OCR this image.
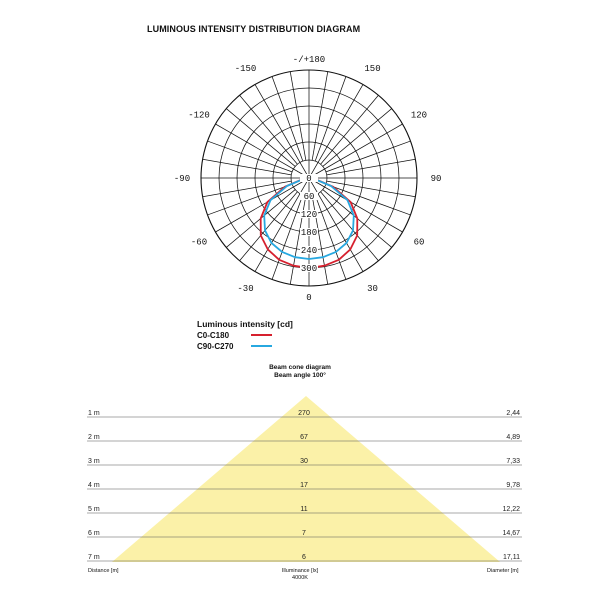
LUMINOUS INTENSITY DISTRIBUTION DIAGRAM
-/+180
150
120
90
60
30
0
-30
-60
-90
-120
-150
0
60
120
180
240
300
Luminous intensity [cd]
C0-C180
C90-C270
Beam cone diagram
Beam angle 100°
1 m	270	2,44
2 m	67	4,89
3 m	30	7,33
4 m	17	9,78
5 m	11	12,22
6 m	7	14,67
7 m	6	17,11
Distance [m]	Illuminance [lx]
4000K
Diameter [m]
